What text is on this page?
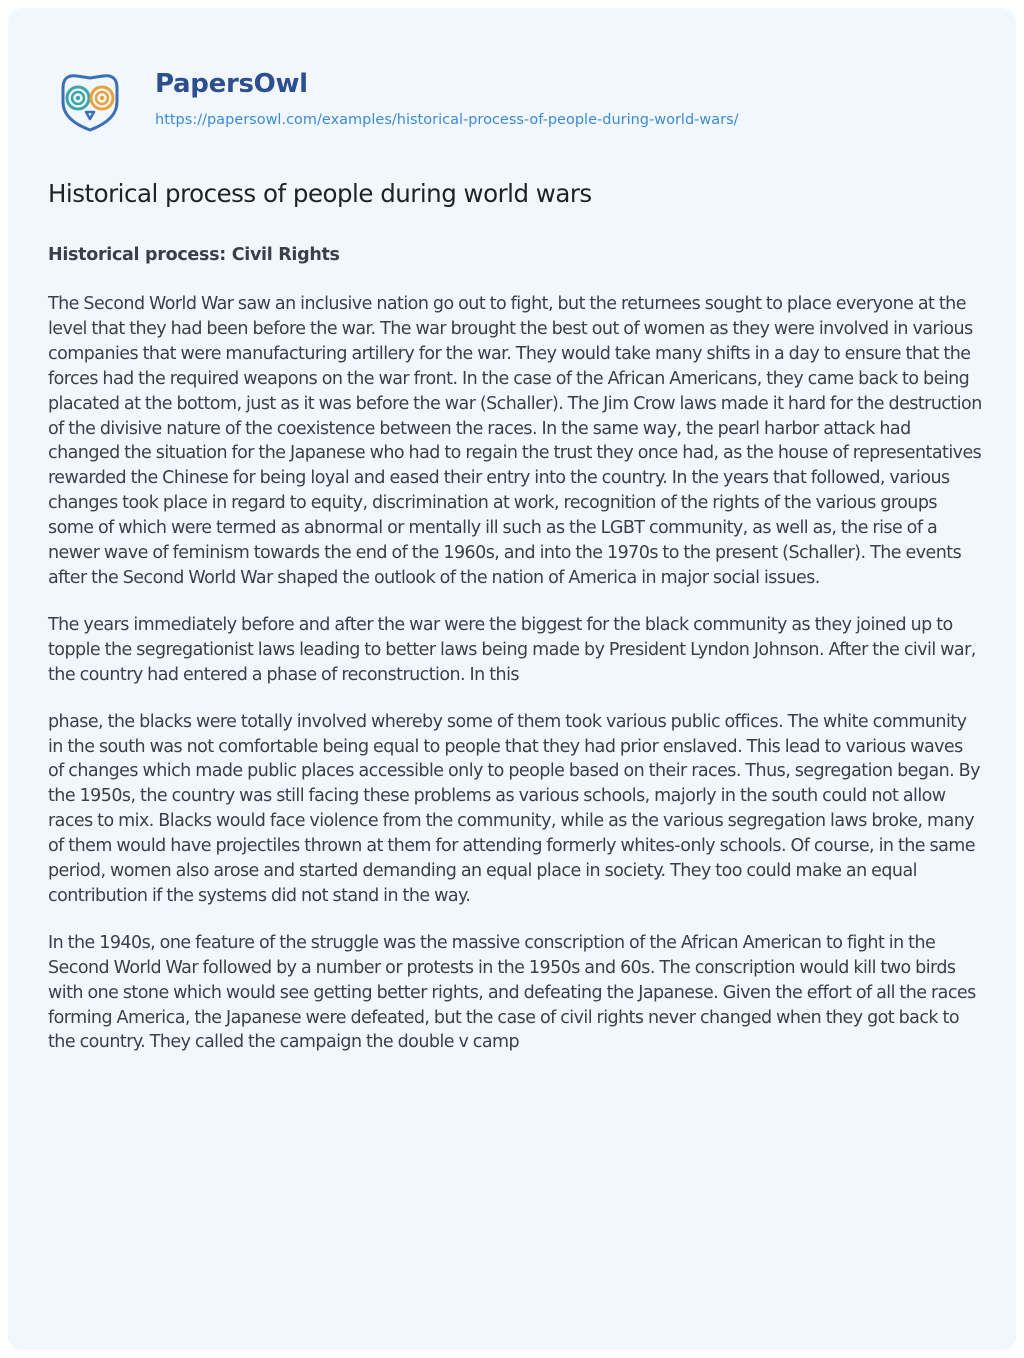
PapersOwl
https://papersowl.com/examples/historical-process-of-people-during-world-wars/
Historical process of people during world wars
Historical process: Civil Rights

The Second World War saw an inclusive nation go out to fight, but the returnees sought to place everyone at the level that they had been before the war. The war brought the best out of women as they were involved in various companies that were manufacturing artillery for the war. They would take many shifts in a day to ensure that the forces had the required weapons on the war front. In the case of the African Americans, they came back to being placated at the bottom, just as it was before the war (Schaller). The Jim Crow laws made it hard for the destruction of the divisive nature of the coexistence between the races. In the same way, the pearl harbor attack had changed the situation for the Japanese who had to regain the trust they once had, as the house of representatives rewarded the Chinese for being loyal and eased their entry into the country. In the years that followed, various changes took place in regard to equity, discrimination at work, recognition of the rights of the various groups some of which were termed as abnormal or mentally ill such as the LGBT community, as well as, the rise of a newer wave of feminism towards the end of the 1960s, and into the 1970s to the present (Schaller). The events after the Second World War shaped the outlook of the nation of America in major social issues.

The years immediately before and after the war were the biggest for the black community as they joined up to topple the segregationist laws leading to better laws being made by President Lyndon Johnson. After the civil war, the country had entered a phase of reconstruction. In this

phase, the blacks were totally involved whereby some of them took various public offices. The white community in the south was not comfortable being equal to people that they had prior enslaved. This lead to various waves of changes which made public places accessible only to people based on their races. Thus, segregation began. By the 1950s, the country was still facing these problems as various schools, majorly in the south could not allow races to mix. Blacks would face violence from the community, while as the various segregation laws broke, many of them would have projectiles thrown at them for attending formerly whites-only schools. Of course, in the same period, women also arose and started demanding an equal place in society. They too could make an equal contribution if the systems did not stand in the way.

In the 1940s, one feature of the struggle was the massive conscription of the African American to fight in the Second World War followed by a number or protests in the 1950s and 60s. The conscription would kill two birds with one stone which would see getting better rights, and defeating the Japanese. Given the effort of all the races forming America, the Japanese were defeated, but the case of civil rights never changed when they got back to the country. They called the campaign the double v camp
